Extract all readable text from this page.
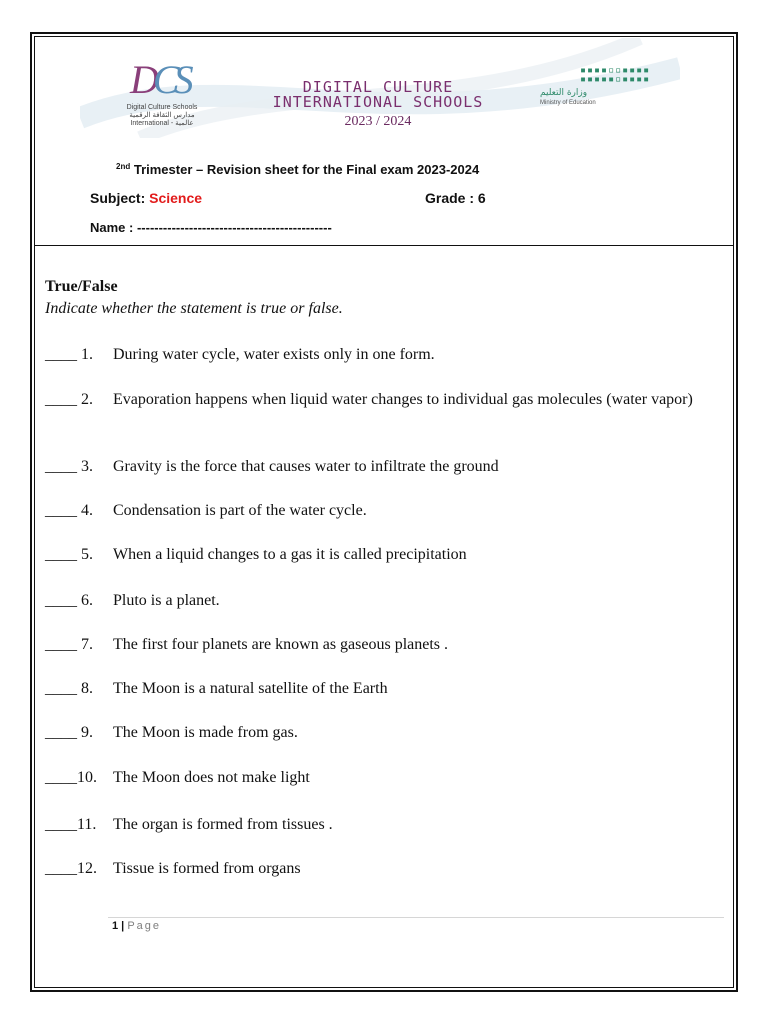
DCS
Digital Culture Schools
مدارس الثقافة الرقمية
International - عالمية
DIGITAL CULTURE
INTERNATIONAL SCHOOLS
2023 / 2024
▪▪▪▪▫▫▪▪▪▪
▪▪▪▪▪▫▪▪▪▪
وزارة التعليم
Ministry of Education
$^{2nd}$ Trimester – Revision sheet for the Final exam 2023-2024
Subject: Science	Grade : 6
Name : ---------------------------------------------
True/False
Indicate whether the statement is true or false.
____ 1. During water cycle, water exists only in one form.
____ 2. Evaporation happens when liquid water changes to individual gas molecules (water vapor)
____ 3. Gravity is the force that causes water to infiltrate the ground
____ 4. Condensation is part of the water cycle.
____ 5. When a liquid changes to a gas it is called precipitation
____ 6. Pluto is a planet.
____ 7. The first four planets are known as gaseous planets .
____ 8. The Moon is a natural satellite of the Earth
____ 9. The Moon is made from gas.
____10. The Moon does not make light
____11. The organ is formed from tissues .
____12. Tissue is formed from organs
1 | Page
